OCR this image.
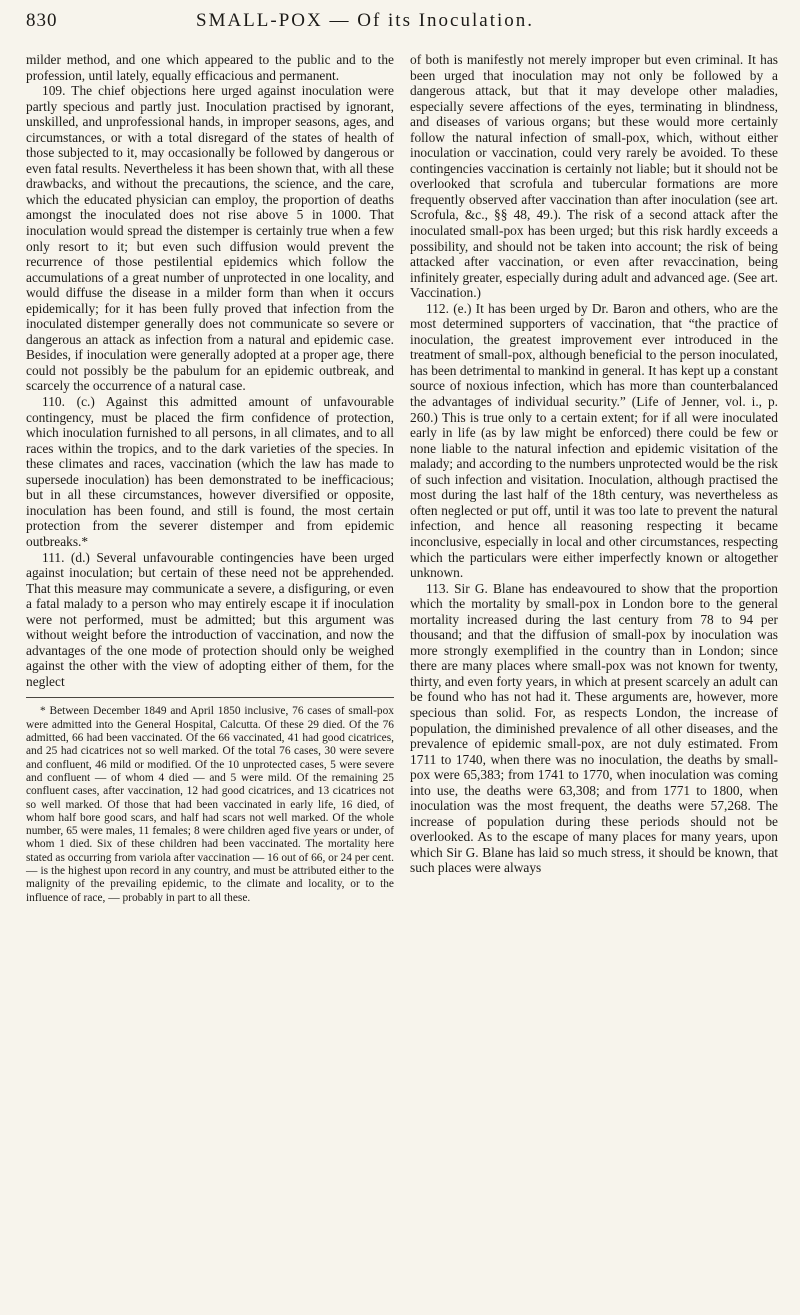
830	SMALL-POX — Of its Inoculation.

milder method, and one which appeared to the public and to the profession, until lately, equally efficacious and permanent.

109. The chief objections here urged against inoculation were partly specious and partly just. Inoculation practised by ignorant, unskilled, and unprofessional hands, in improper seasons, ages, and circumstances, or with a total disregard of the states of health of those subjected to it, may occasionally be followed by dangerous or even fatal results. Nevertheless it has been shown that, with all these drawbacks, and without the precautions, the science, and the care, which the educated physician can employ, the proportion of deaths amongst the inoculated does not rise above 5 in 1000. That inoculation would spread the distemper is certainly true when a few only resort to it; but even such diffusion would prevent the recurrence of those pestilential epidemics which follow the accumulations of a great number of unprotected in one locality, and would diffuse the disease in a milder form than when it occurs epidemically; for it has been fully proved that infection from the inoculated distemper generally does not communicate so severe or dangerous an attack as infection from a natural and epidemic case. Besides, if inoculation were generally adopted at a proper age, there could not possibly be the pabulum for an epidemic outbreak, and scarcely the occurrence of a natural case.

110. (c.) Against this admitted amount of unfavourable contingency, must be placed the firm confidence of protection, which inoculation furnished to all persons, in all climates, and to all races within the tropics, and to the dark varieties of the species. In these climates and races, vaccination (which the law has made to supersede inoculation) has been demonstrated to be inefficacious; but in all these circumstances, however diversified or opposite, inoculation has been found, and still is found, the most certain protection from the severer distemper and from epidemic outbreaks.*

111. (d.) Several unfavourable contingencies have been urged against inoculation; but certain of these need not be apprehended. That this measure may communicate a severe, a disfiguring, or even a fatal malady to a person who may entirely escape it if inoculation were not performed, must be admitted; but this argument was without weight before the introduction of vaccination, and now the advantages of the one mode of protection should only be weighed against the other with the view of adopting either of them, for the neglect

* Between December 1849 and April 1850 inclusive, 76 cases of small-pox were admitted into the General Hospital, Calcutta. Of these 29 died. Of the 76 admitted, 66 had been vaccinated. Of the 66 vaccinated, 41 had good cicatrices, and 25 had cicatrices not so well marked. Of the total 76 cases, 30 were severe and confluent, 46 mild or modified. Of the 10 unprotected cases, 5 were severe and confluent — of whom 4 died — and 5 were mild. Of the remaining 25 confluent cases, after vaccination, 12 had good cicatrices, and 13 cicatrices not so well marked. Of those that had been vaccinated in early life, 16 died, of whom half bore good scars, and half had scars not well marked. Of the whole number, 65 were males, 11 females; 8 were children aged five years or under, of whom 1 died. Six of these children had been vaccinated. The mortality here stated as occurring from variola after vaccination — 16 out of 66, or 24 per cent. — is the highest upon record in any country, and must be attributed either to the malignity of the prevailing epidemic, to the climate and locality, or to the influence of race, — probably in part to all these.

of both is manifestly not merely improper but even criminal. It has been urged that inoculation may not only be followed by a dangerous attack, but that it may develope other maladies, especially severe affections of the eyes, terminating in blindness, and diseases of various organs; but these would more certainly follow the natural infection of small-pox, which, without either inoculation or vaccination, could very rarely be avoided. To these contingencies vaccination is certainly not liable; but it should not be overlooked that scrofula and tubercular formations are more frequently observed after vaccination than after inoculation (see art. Scrofula, &c., §§ 48, 49.). The risk of a second attack after the inoculated small-pox has been urged; but this risk hardly exceeds a possibility, and should not be taken into account; the risk of being attacked after vaccination, or even after revaccination, being infinitely greater, especially during adult and advanced age. (See art. Vaccination.)

112. (e.) It has been urged by Dr. Baron and others, who are the most determined supporters of vaccination, that “the practice of inoculation, the greatest improvement ever introduced in the treatment of small-pox, although beneficial to the person inoculated, has been detrimental to mankind in general. It has kept up a constant source of noxious infection, which has more than counterbalanced the advantages of individual security.” (Life of Jenner, vol. i., p. 260.) This is true only to a certain extent; for if all were inoculated early in life (as by law might be enforced) there could be few or none liable to the natural infection and epidemic visitation of the malady; and according to the numbers unprotected would be the risk of such infection and visitation. Inoculation, although practised the most during the last half of the 18th century, was nevertheless as often neglected or put off, until it was too late to prevent the natural infection, and hence all reasoning respecting it became inconclusive, especially in local and other circumstances, respecting which the particulars were either imperfectly known or altogether unknown.

113. Sir G. Blane has endeavoured to show that the proportion which the mortality by small-pox in London bore to the general mortality increased during the last century from 78 to 94 per thousand; and that the diffusion of small-pox by inoculation was more strongly exemplified in the country than in London; since there are many places where small-pox was not known for twenty, thirty, and even forty years, in which at present scarcely an adult can be found who has not had it. These arguments are, however, more specious than solid. For, as respects London, the increase of population, the diminished prevalence of all other diseases, and the prevalence of epidemic small-pox, are not duly estimated. From 1711 to 1740, when there was no inoculation, the deaths by small-pox were 65,383; from 1741 to 1770, when inoculation was coming into use, the deaths were 63,308; and from 1771 to 1800, when inoculation was the most frequent, the deaths were 57,268. The increase of population during these periods should not be overlooked. As to the escape of many places for many years, upon which Sir G. Blane has laid so much stress, it should be known, that such places were always
